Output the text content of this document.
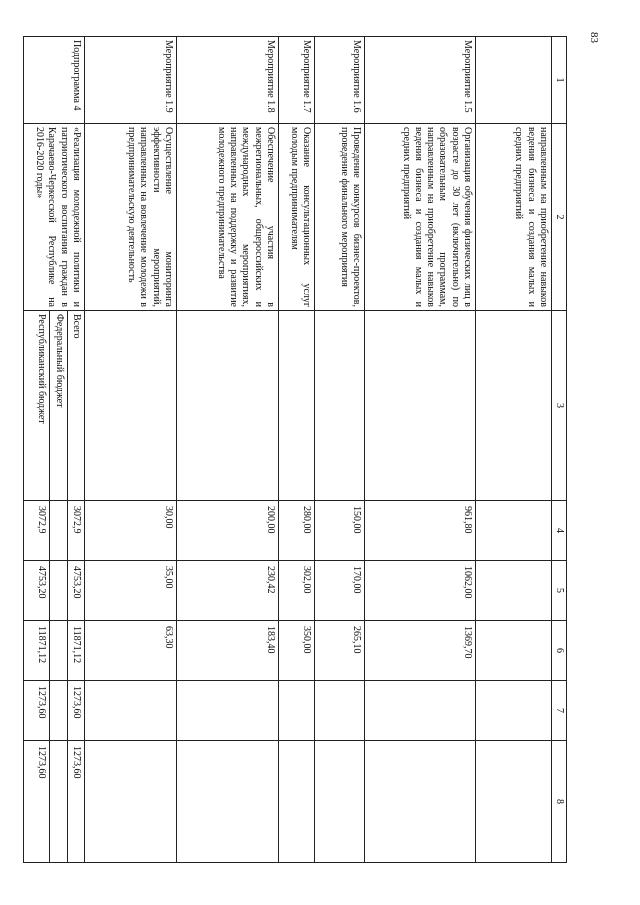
83
1	2	3	4	5	6	7	8
	направленным на приобретение навыков ведения бизнеса и создания малых и средних предприятий						
Мероприятие 1.5	Организация обучения физических лиц в возрасте до 30 лет (включительно) по образовательным программам, направленным на приобретение навыков ведения бизнеса и создания малых и средних предприятий		961,80	1062,00	1369,70		
Мероприятие 1.6	Проведение конкурсов бизнес-проектов, проведение финального мероприятия		150,00	170,00	265,10		
Мероприятие 1.7	Оказание консультационных услуг молодым предпринимателям		280,00	302,00	350,00		
Мероприятие 1.8	Обеспечение участия в межрегиональных, общероссийских и международных мероприятиях, направленных на поддержку и развитие молодежного предпринимательства		200,00	230,42	183,40		
Мероприятие 1.9	Осуществление мониторинга эффективности мероприятий, направленных на вовлечение молодежи в предпринимательскую деятельность		30,00	35,00	63,30		
Подпрограмма 4	«Реализация молодежной политики и патриотического воспитания граждан в Карачаево-Черкесской Республике на 2016-2020 годы»	Всего	3072,9	4753,20	11871,12	1273,60	1273,60
		Федеральный бюджет					
		Республиканский бюджет	3072,9	4753,20	11871,12	1273,60	1273,60
